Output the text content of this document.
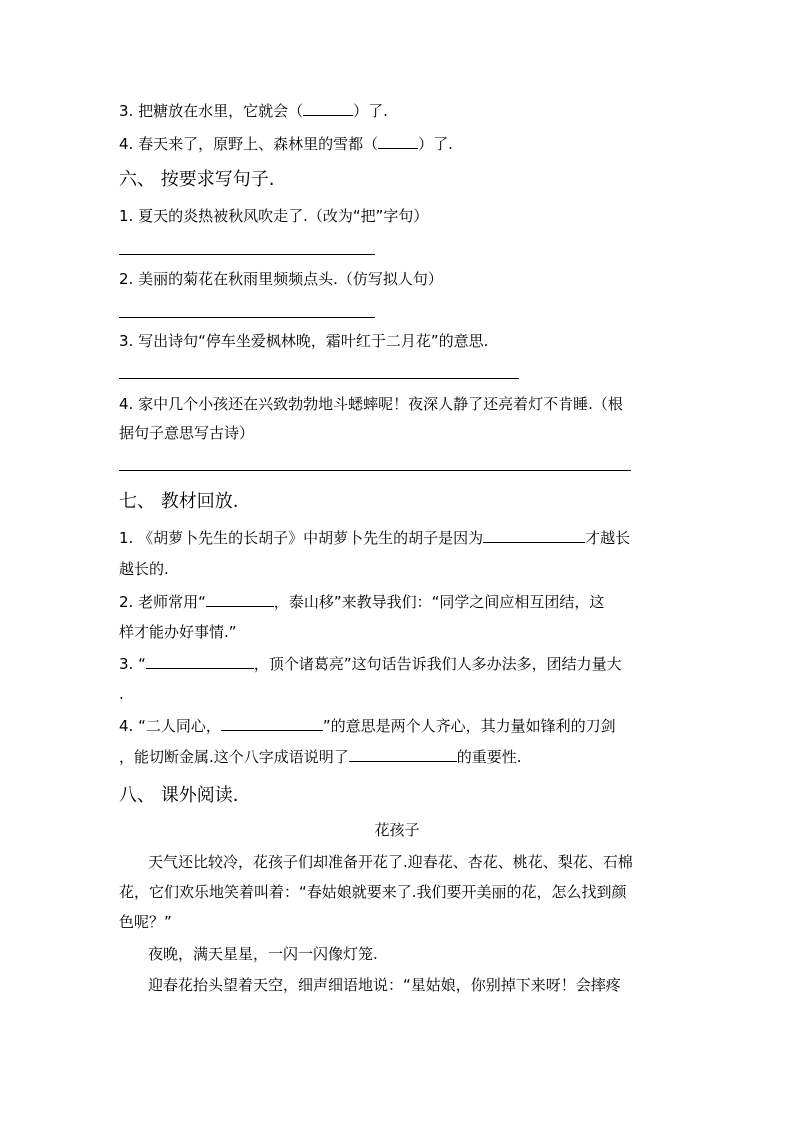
3. 把糖放在水里，它就会（	）了.
4. 春天来了，原野上、森林里的雪都（	）了.
六、 按要求写句子.
1. 夏天的炎热被秋风吹走了.（改为“把”字句）
2. 美丽的菊花在秋雨里频频点头.（仿写拟人句）
3. 写出诗句“停车坐爱枫林晚，霜叶红于二月花”的意思.
4. 家中几个小孩还在兴致勃勃地斗蟋蟀呢！夜深人静了还亮着灯不肯睡.（根
据句子意思写古诗）
七、 教材回放.
1. 《胡萝卜先生的长胡子》中胡萝卜先生的胡子是因为	才越长
越长的.
2. 老师常用“	，泰山移”来教导我们：“同学之间应相互团结，这
样才能办好事情.”
3. “	，顶个诸葛亮”这句话告诉我们人多办法多，团结力量大
.
4. “二人同心，	”的意思是两个人齐心，其力量如锋利的刀剑
，能切断金属.这个八字成语说明了	的重要性.
八、 课外阅读.
花孩子
天气还比较冷，花孩子们却准备开花了.迎春花、杏花、桃花、梨花、石棉
花，它们欢乐地笑着叫着：“春姑娘就要来了.我们要开美丽的花，怎么找到颜
色呢？”
夜晚，满天星星，一闪一闪像灯笼.
迎春花抬头望着天空，细声细语地说：“星姑娘，你别掉下来呀！会摔疼
